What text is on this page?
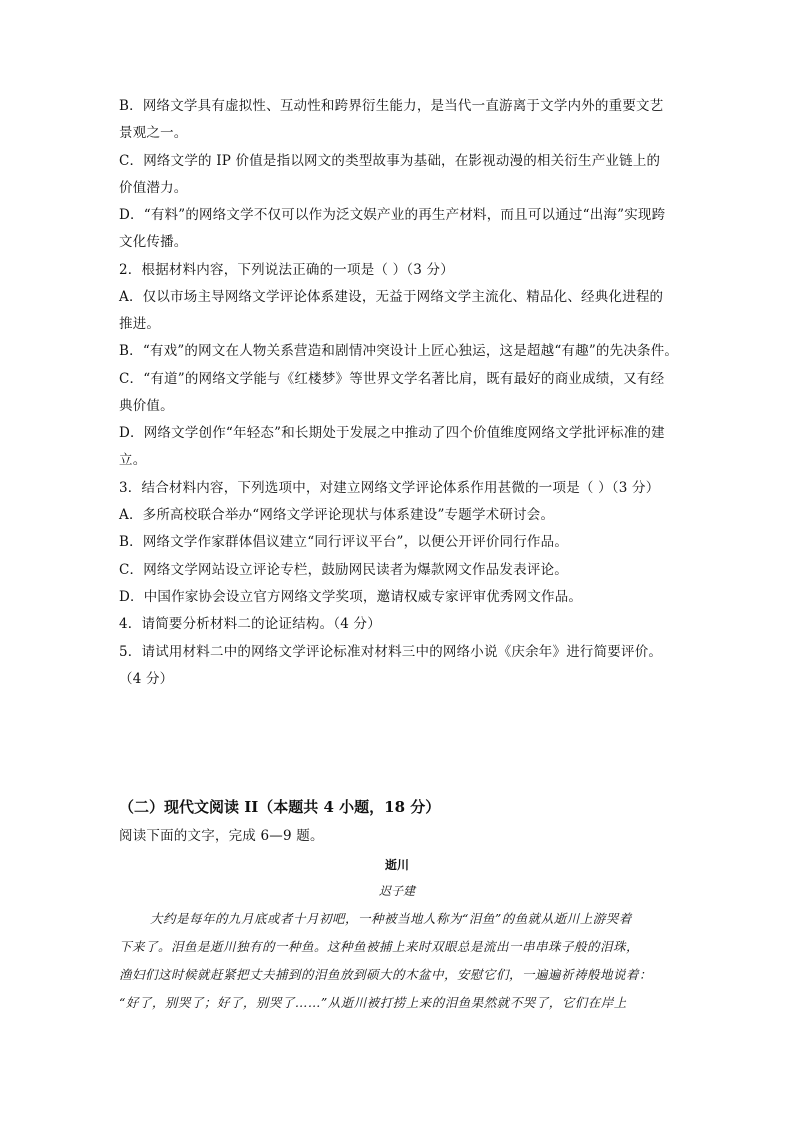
B．网络文学具有虚拟性、互动性和跨界衍生能力，是当代一直游离于文学内外的重要文艺
景观之一。
C．网络文学的 IP 价值是指以网文的类型故事为基础，在影视动漫的相关衍生产业链上的
价值潜力。
D．“有料”的网络文学不仅可以作为泛文娱产业的再生产材料，而且可以通过“出海”实现跨
文化传播。
2．根据材料内容，下列说法正确的一项是（ ）（3 分）
A．仅以市场主导网络文学评论体系建设，无益于网络文学主流化、精品化、经典化进程的
推进。
B．“有戏”的网文在人物关系营造和剧情冲突设计上匠心独运，这是超越“有趣”的先决条件。
C．“有道”的网络文学能与《红楼梦》等世界文学名著比肩，既有最好的商业成绩，又有经
典价值。
D．网络文学创作“年轻态”和长期处于发展之中推动了四个价值维度网络文学批评标准的建
立。
3．结合材料内容，下列选项中，对建立网络文学评论体系作用甚微的一项是（ ）（3 分）
A．多所高校联合举办“网络文学评论现状与体系建设”专题学术研讨会。
B．网络文学作家群体倡议建立“同行评议平台”，以便公开评价同行作品。
C．网络文学网站设立评论专栏，鼓励网民读者为爆款网文作品发表评论。
D．中国作家协会设立官方网络文学奖项，邀请权威专家评审优秀网文作品。
4．请简要分析材料二的论证结构。（4 分）
5．请试用材料二中的网络文学评论标准对材料三中的网络小说《庆余年》进行简要评价。
（4 分）
（二）现代文阅读 II（本题共 4 小题，18 分）
阅读下面的文字，完成 6—9 题。
逝川
迟子建
大约是每年的九月底或者十月初吧，一种被当地人称为“泪鱼”的鱼就从逝川上游哭着
下来了。泪鱼是逝川独有的一种鱼。这种鱼被捕上来时双眼总是流出一串串珠子般的泪珠，
渔妇们这时候就赶紧把丈夫捕到的泪鱼放到硕大的木盆中，安慰它们，一遍遍祈祷般地说着：
“好了，别哭了；好了，别哭了……”从逝川被打捞上来的泪鱼果然就不哭了，它们在岸上
